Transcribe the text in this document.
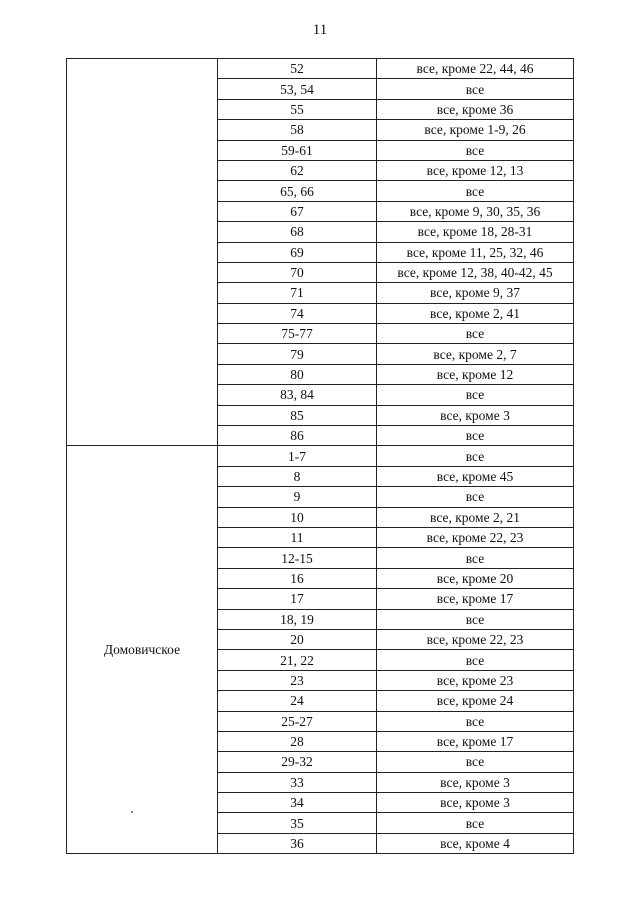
11
	52	все, кроме 22, 44, 46
	53, 54	все
	55	все, кроме 36
	58	все, кроме 1-9, 26
	59-61	все
	62	все, кроме 12, 13
	65, 66	все
	67	все, кроме 9, 30, 35, 36
	68	все, кроме 18, 28-31
	69	все, кроме 11, 25, 32, 46
	70	все, кроме 12, 38, 40-42, 45
	71	все, кроме 9, 37
	74	все, кроме 2, 41
	75-77	все
	79	все, кроме 2, 7
	80	все, кроме 12
	83, 84	все
	85	все, кроме 3
	86	все
Домовичское	1-7	все
	8	все, кроме 45
	9	все
	10	все, кроме 2, 21
	11	все, кроме 22, 23
	12-15	все
	16	все, кроме 20
	17	все, кроме 17
	18, 19	все
	20	все, кроме 22, 23
	21, 22	все
	23	все, кроме 23
	24	все, кроме 24
	25-27	все
	28	все, кроме 17
	29-32	все
	33	все, кроме 3
	34	все, кроме 3
	35	все
	36	все, кроме 4
